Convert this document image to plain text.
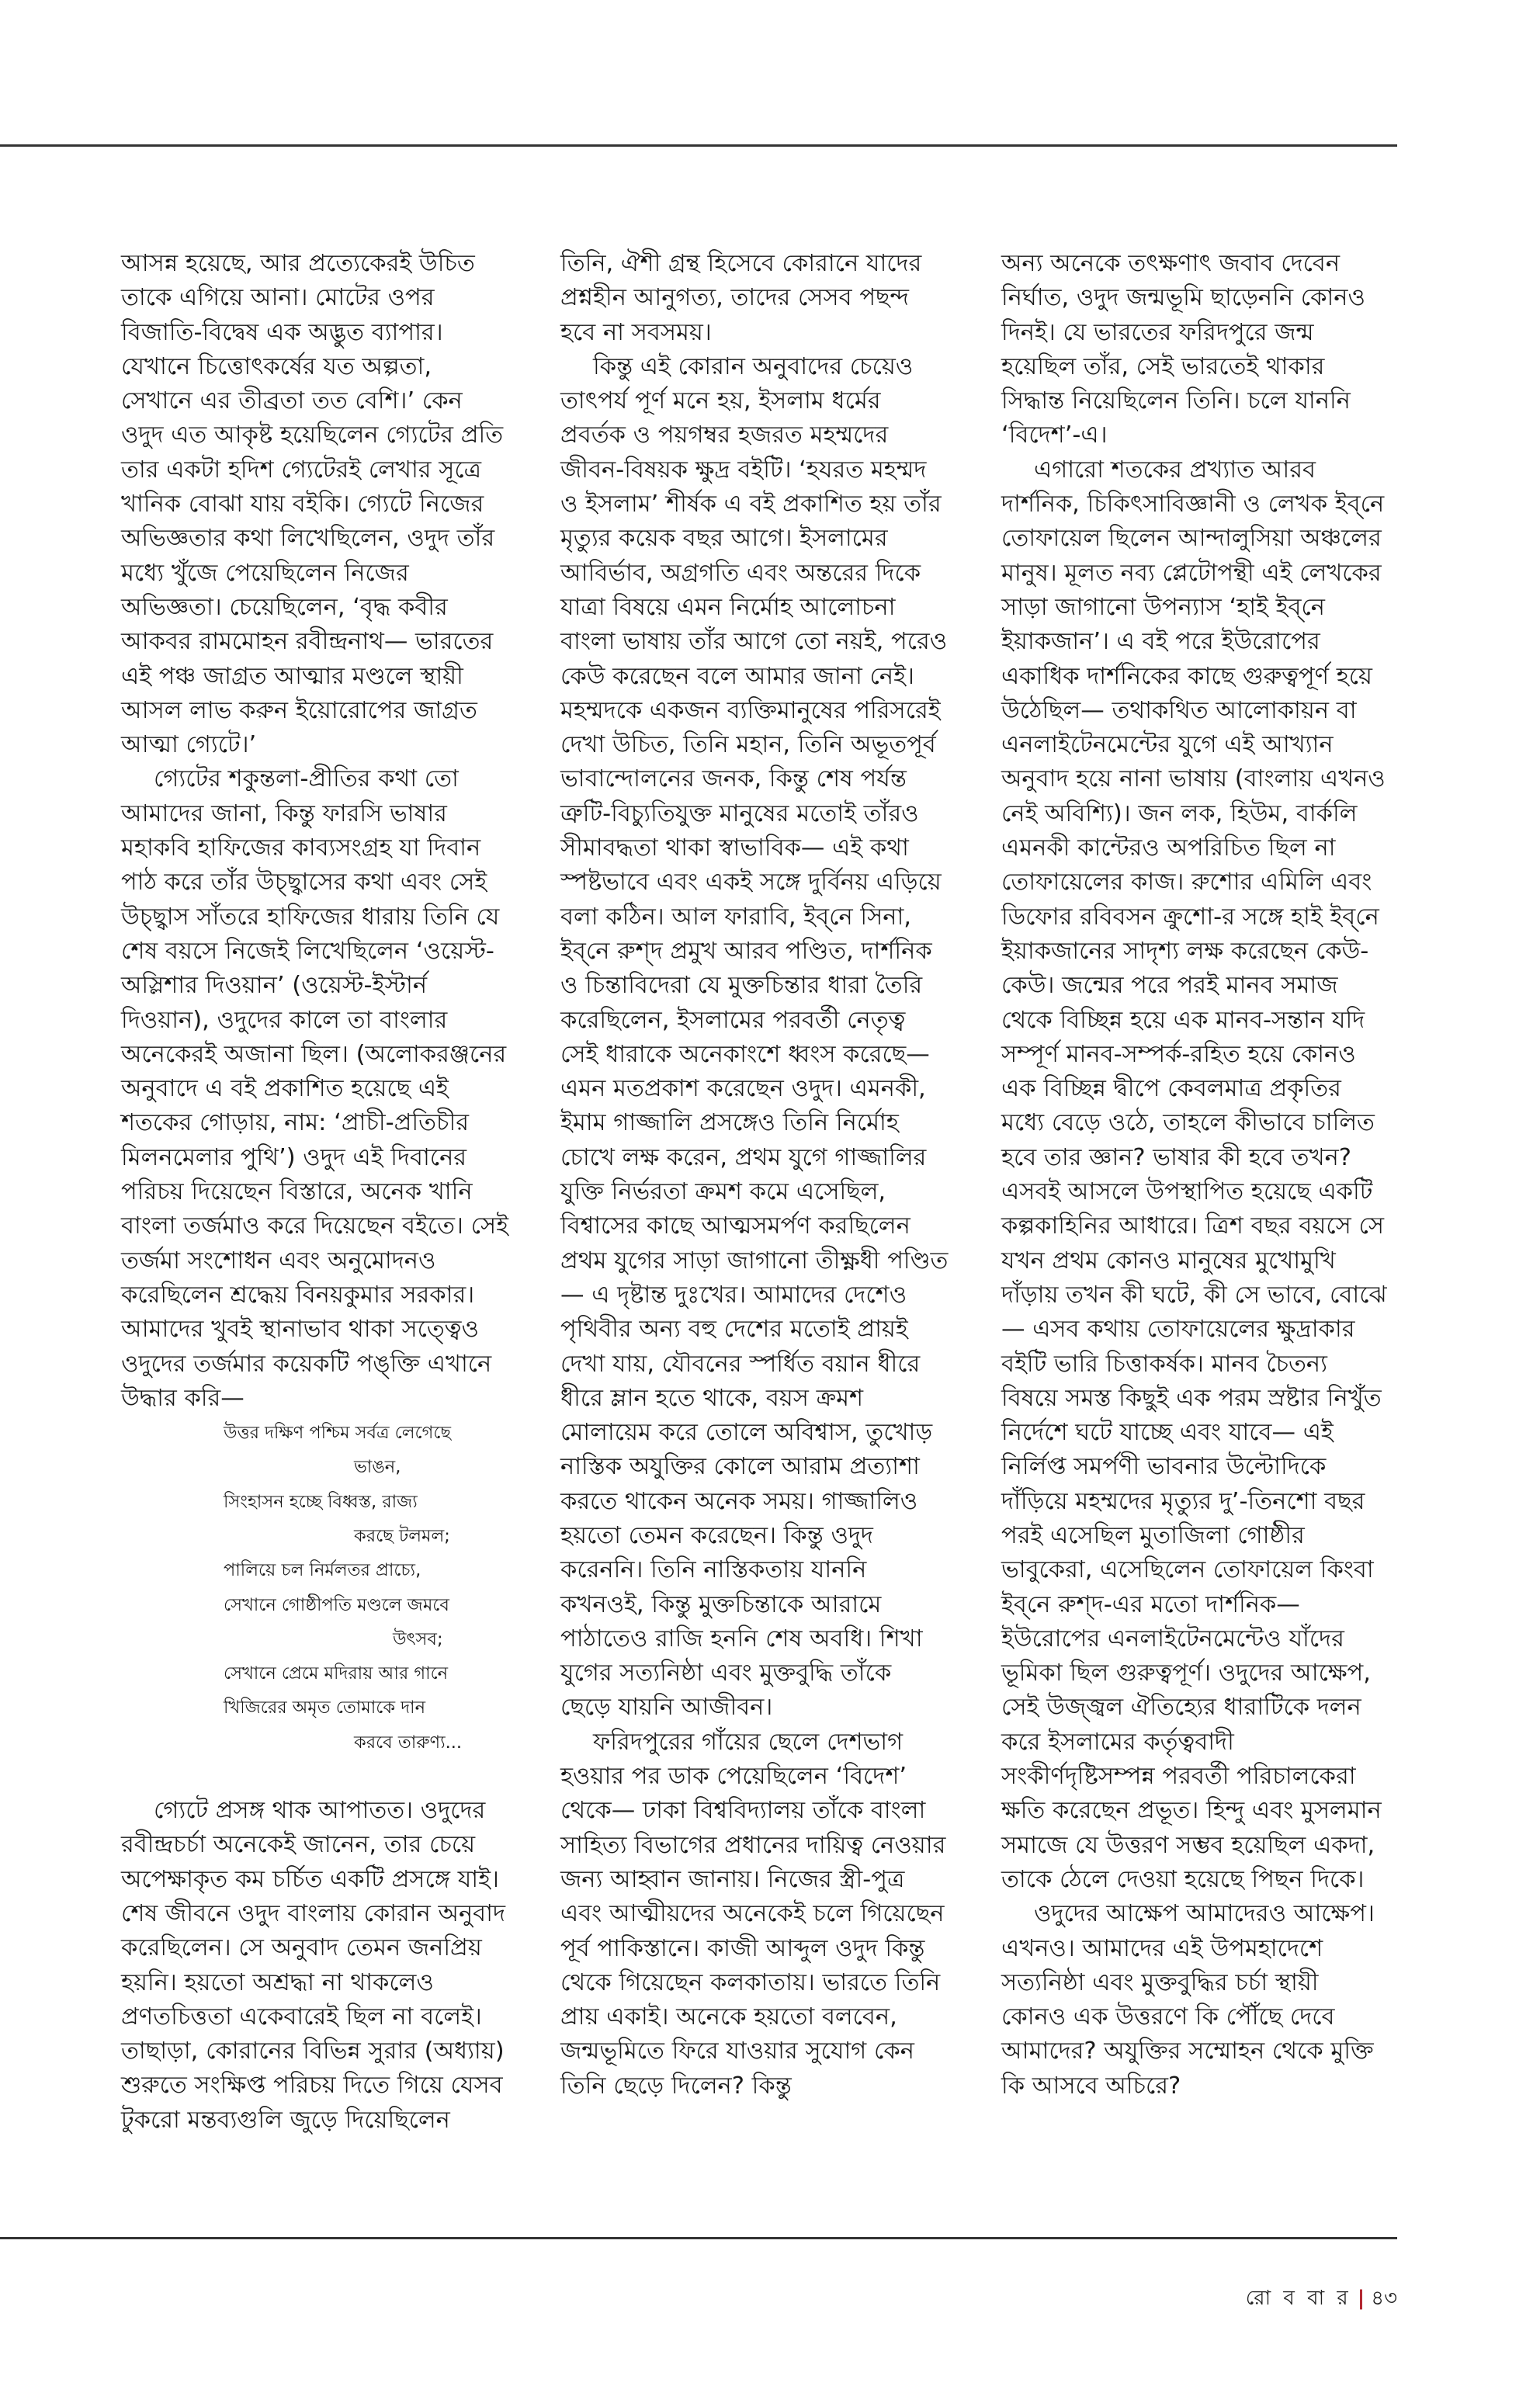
আসন্ন হয়েছে, আর প্রত্যেকেরই উচিত তাকে এগিয়ে আনা। মোটের ওপর বিজাতি-বিদ্বেষ এক অদ্ভুত ব্যাপার। যেখানে চিত্তোৎকর্ষের যত অল্পতা, সেখানে এর তীব্রতা তত বেশি।’ কেন ওদুদ এত আকৃষ্ট হয়েছিলেন গ্যেটের প্রতি তার একটা হদিশ গ্যেটেরই লেখার সূত্রে খানিক বোঝা যায় বইকি। গ্যেটে নিজের অভিজ্ঞতার কথা লিখেছিলেন, ওদুদ তাঁর মধ্যে খুঁজে পেয়েছিলেন নিজের অভিজ্ঞতা। চেয়েছিলেন, ‘বৃদ্ধ কবীর আকবর রামমোহন রবীন্দ্রনাথ— ভারতের এই পঞ্চ জাগ্রত আত্মার মণ্ডলে স্থায়ী আসল লাভ করুন ইয়োরোপের জাগ্রত আত্মা গ্যেটে।’

গ্যেটের শকুন্তলা-প্রীতির কথা তো আমাদের জানা, কিন্তু ফারসি ভাষার মহাকবি হাফিজের কাব্যসংগ্রহ যা দিবান পাঠ করে তাঁর উচ্ছ্বাসের কথা এবং সেই উচ্ছ্বাস সাঁতরে হাফিজের ধারায় তিনি যে শেষ বয়সে নিজেই লিখেছিলেন ‘ওয়েস্ট-অস্লিশার দিওয়ান’ (ওয়েস্ট-ইস্টার্ন দিওয়ান), ওদুদের কালে তা বাংলার অনেকেরই অজানা ছিল। (অলোকরঞ্জনের অনুবাদে এ বই প্রকাশিত হয়েছে এই শতকের গোড়ায়, নাম: ‘প্রাচী-প্রতিচীর মিলনমেলার পুথি’) ওদুদ এই দিবানের পরিচয় দিয়েছেন বিস্তারে, অনেক খানি বাংলা তর্জমাও করে দিয়েছেন বইতে। সেই তর্জমা সংশোধন এবং অনুমোদনও করেছিলেন শ্রদ্ধেয় বিনয়কুমার সরকার। আমাদের খুবই স্থানাভাব থাকা সত্ত্বেও ওদুদের তর্জমার কয়েকটি পঙ্‌ক্তি এখানে উদ্ধার করি—

উত্তর দক্ষিণ পশ্চিম সর্বত্র লেগেছে
ভাঙন,
সিংহাসন হচ্ছে বিধ্বস্ত, রাজ্য
করছে টলমল;
পালিয়ে চল নির্মলতর প্রাচ্যে,
সেখানে গোষ্ঠীপতি মণ্ডলে জমবে
উৎসব;
সেখানে প্রেমে মদিরায় আর গানে
খিজিরের অমৃত তোমাকে দান
করবে তারুণ্য...

গ্যেটে প্রসঙ্গ থাক আপাতত। ওদুদের রবীন্দ্রচর্চা অনেকেই জানেন, তার চেয়ে অপেক্ষাকৃত কম চর্চিত একটি প্রসঙ্গে যাই। শেষ জীবনে ওদুদ বাংলায় কোরান অনুবাদ করেছিলেন। সে অনুবাদ তেমন জনপ্রিয় হয়নি। হয়তো অশ্রদ্ধা না থাকলেও প্রণতচিত্ততা একেবারেই ছিল না বলেই। তাছাড়া, কোরানের বিভিন্ন সুরার (অধ্যায়) শুরুতে সংক্ষিপ্ত পরিচয় দিতে গিয়ে যেসব টুকরো মন্তব্যগুলি জুড়ে দিয়েছিলেন

তিনি, ঐশী গ্রন্থ হিসেবে কোরানে যাদের প্রশ্নহীন আনুগত্য, তাদের সেসব পছন্দ হবে না সবসময়।

কিন্তু এই কোরান অনুবাদের চেয়েও তাৎপর্য পূর্ণ মনে হয়, ইসলাম ধর্মের প্রবর্তক ও পয়গম্বর হজরত মহম্মদের জীবন-বিষয়ক ক্ষুদ্র বইটি। ‘হযরত মহম্মদ ও ইসলাম’ শীর্ষক এ বই প্রকাশিত হয় তাঁর মৃত্যুর কয়েক বছর আগে। ইসলামের আবির্ভাব, অগ্রগতি এবং অন্তরের দিকে যাত্রা বিষয়ে এমন নির্মোহ আলোচনা বাংলা ভাষায় তাঁর আগে তো নয়ই, পরেও কেউ করেছেন বলে আমার জানা নেই। মহম্মদকে একজন ব্যক্তিমানুষের পরিসরেই দেখা উচিত, তিনি মহান, তিনি অভূতপূর্ব ভাবান্দোলনের জনক, কিন্তু শেষ পর্যন্ত ত্রুটি-বিচ্যুতিযুক্ত মানুষের মতোই তাঁরও সীমাবদ্ধতা থাকা স্বাভাবিক— এই কথা স্পষ্টভাবে এবং একই সঙ্গে দুর্বিনয় এড়িয়ে বলা কঠিন। আল ফারাবি, ইব্‌নে সিনা, ইব্‌নে রুশ্‌দ প্রমুখ আরব পণ্ডিত, দার্শনিক ও চিন্তাবিদেরা যে মুক্তচিন্তার ধারা তৈরি করেছিলেন, ইসলামের পরবর্তী নেতৃত্ব সেই ধারাকে অনেকাংশে ধ্বংস করেছে— এমন মতপ্রকাশ করেছেন ওদুদ। এমনকী, ইমাম গাজ্জালি প্রসঙ্গেও তিনি নির্মোহ চোখে লক্ষ করেন, প্রথম যুগে গাজ্জালির যুক্তি নির্ভরতা ক্রমশ কমে এসেছিল, বিশ্বাসের কাছে আত্মসমর্পণ করছিলেন প্রথম যুগের সাড়া জাগানো তীক্ষ্ণধী পণ্ডিত— এ দৃষ্টান্ত দুঃখের। আমাদের দেশেও পৃথিবীর অন্য বহু দেশের মতোই প্রায়ই দেখা যায়, যৌবনের স্পর্ধিত বয়ান ধীরে ধীরে ম্লান হতে থাকে, বয়স ক্রমশ মোলায়েম করে তোলে অবিশ্বাস, তুখোড় নাস্তিক অযুক্তির কোলে আরাম প্রত্যাশা করতে থাকেন অনেক সময়। গাজ্জালিও হয়তো তেমন করেছেন। কিন্তু ওদুদ করেননি। তিনি নাস্তিকতায় যাননি কখনওই, কিন্তু মুক্তচিন্তাকে আরামে পাঠাতেও রাজি হননি শেষ অবধি। শিখা যুগের সত্যনিষ্ঠা এবং মুক্তবুদ্ধি তাঁকে ছেড়ে যায়নি আজীবন।

ফরিদপুরের গাঁয়ের ছেলে দেশভাগ হওয়ার পর ডাক পেয়েছিলেন ‘বিদেশ’ থেকে— ঢাকা বিশ্ববিদ্যালয় তাঁকে বাংলা সাহিত্য বিভাগের প্রধানের দায়িত্ব নেওয়ার জন্য আহ্বান জানায়। নিজের স্ত্রী-পুত্র এবং আত্মীয়দের অনেকেই চলে গিয়েছেন পূর্ব পাকিস্তানে। কাজী আব্দুল ওদুদ কিন্তু থেকে গিয়েছেন কলকাতায়। ভারতে তিনি প্রায় একাই। অনেকে হয়তো বলবেন, জন্মভূমিতে ফিরে যাওয়ার সুযোগ কেন তিনি ছেড়ে দিলেন? কিন্তু

অন্য অনেকে তৎক্ষণাৎ জবাব দেবেন নির্ঘাত, ওদুদ জন্মভূমি ছাড়েননি কোনও দিনই। যে ভারতের ফরিদপুরে জন্ম হয়েছিল তাঁর, সেই ভারতেই থাকার সিদ্ধান্ত নিয়েছিলেন তিনি। চলে যাননি ‘বিদেশ’-এ।

এগারো শতকের প্রখ্যাত আরব দার্শনিক, চিকিৎসাবিজ্ঞানী ও লেখক ইব্‌নে তোফায়েল ছিলেন আন্দালুসিয়া অঞ্চলের মানুষ। মূলত নব্য প্লেটোপন্থী এই লেখকের সাড়া জাগানো উপন্যাস ‘হাই ইব্‌নে ইয়াকজান’। এ বই পরে ইউরোপের একাধিক দার্শনিকের কাছে গুরুত্বপূর্ণ হয়ে উঠেছিল— তথাকথিত আলোকায়ন বা এনলাইটেনমেন্টের যুগে এই আখ্যান অনুবাদ হয়ে নানা ভাষায় (বাংলায় এখনও নেই অবিশ্যি)। জন লক, হিউম, বার্কলি এমনকী কান্টেরও অপরিচিত ছিল না তোফায়েলের কাজ। রুশোর এমিলি এবং ডিফোর রবিবসন ক্রুশো-র সঙ্গে হাই ইব্‌নে ইয়াকজানের সাদৃশ্য লক্ষ করেছেন কেউ-কেউ। জন্মের পরে পরই মানব সমাজ থেকে বিচ্ছিন্ন হয়ে এক মানব-সন্তান যদি সম্পূর্ণ মানব-সম্পর্ক-রহিত হয়ে কোনও এক বিচ্ছিন্ন দ্বীপে কেবলমাত্র প্রকৃতির মধ্যে বেড়ে ওঠে, তাহলে কীভাবে চালিত হবে তার জ্ঞান? ভাষার কী হবে তখন? এসবই আসলে উপস্থাপিত হয়েছে একটি কল্পকাহিনির আধারে। ত্রিশ বছর বয়সে সে যখন প্রথম কোনও মানুষের মুখোমুখি দাঁড়ায় তখন কী ঘটে, কী সে ভাবে, বোঝে— এসব কথায় তোফায়েলের ক্ষুদ্রাকার বইটি ভারি চিত্তাকর্ষক। মানব চৈতন্য বিষয়ে সমস্ত কিছুই এক পরম স্রষ্টার নিখুঁত নির্দেশে ঘটে যাচ্ছে এবং যাবে— এই নির্লিপ্ত সমর্পণী ভাবনার উল্টোদিকে দাঁড়িয়ে মহম্মদের মৃত্যুর দু’-তিনশো বছর পরই এসেছিল মুতাজিলা গোষ্ঠীর ভাবুকেরা, এসেছিলেন তোফায়েল কিংবা ইব্‌নে রুশ্‌দ-এর মতো দার্শনিক— ইউরোপের এনলাইটেনমেন্টেও যাঁদের ভূমিকা ছিল গুরুত্বপূর্ণ। ওদুদের আক্ষেপ, সেই উজ্জ্বল ঐতিহ্যের ধারাটিকে দলন করে ইসলামের কর্তৃত্ববাদী সংকীর্ণদৃষ্টিসম্পন্ন পরবর্তী পরিচালকেরা ক্ষতি করেছেন প্রভূত। হিন্দু এবং মুসলমান সমাজে যে উত্তরণ সম্ভব হয়েছিল একদা, তাকে ঠেলে দেওয়া হয়েছে পিছন দিকে।

ওদুদের আক্ষেপ আমাদেরও আক্ষেপ। এখনও। আমাদের এই উপমহাদেশে সত্যনিষ্ঠা এবং মুক্তবুদ্ধির চর্চা স্থায়ী কোনও এক উত্তরণে কি পৌঁছে দেবে আমাদের? অযুক্তির সম্মোহন থেকে মুক্তি কি আসবে অচিরে?

রো ব বা র | ৪৩
